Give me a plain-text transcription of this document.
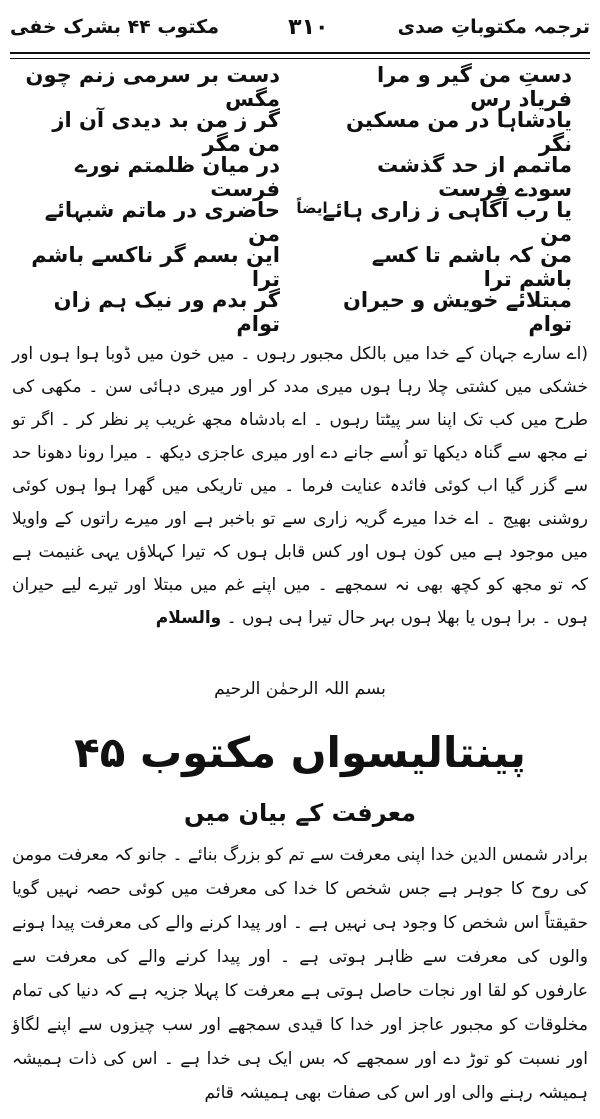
ترجمہ مکتوباتِ صدی
۳۱۰
مکتوب ۴۴ بشرک خفی
دستِ من گیر و مرا فریاد رس
دست بر سرمی زنم چون مگس
یادشاہا در من مسکین نگر
گر ز من بد دیدی آن از من مگر
ماتمم از حد گذشت سودے فرست
در میان ظلمتم نورے فرست
یا رب آگاہی ز زاری ہائے من
حاضری در ماتم شبہائے من
من کہ باشم تا کسے باشم ترا
این بسم گر ناکسے باشم ترا
مبتلائے خویش و حیران توام
گر بدم ور نیک ہم زان توام
ایضاً

(اے سارے جہان کے خدا میں بالکل مجبور رہوں ۔ میں خون میں ڈوبا ہوا ہوں اور خشکی میں کشتی چلا رہا ہوں میری مدد کر اور میری دہائی سن ۔ مکھی کی طرح میں کب تک اپنا سر پیٹتا رہوں ۔ اے بادشاہ مجھ غریب پر نظر کر ۔ اگر تو نے مجھ سے گناہ دیکھا تو اُسے جانے دے اور میری عاجزی دیکھ ۔ میرا رونا دھونا حد سے گزر گیا اب کوئی فائدہ عنایت فرما ۔ میں تاریکی میں گھرا ہوا ہوں کوئی روشنی بھیج ۔ اے خدا میرے گریہ زاری سے تو باخبر ہے اور میرے راتوں کے واویلا میں موجود ہے میں کون ہوں اور کس قابل ہوں کہ تیرا کہلاؤں یہی غنیمت ہے کہ تو مجھ کو کچھ بھی نہ سمجھے ۔ میں اپنے غم میں مبتلا اور تیرے لیے حیران ہوں ۔ برا ہوں یا بھلا ہوں بہر حال تیرا ہی ہوں ۔ والسلام

بسم اللہ الرحمٰن الرحیم
پینتالیسواں مکتوب ۴۵
معرفت کے بیان میں

برادر شمس الدین خدا اپنی معرفت سے تم کو بزرگ بنائے ۔ جانو کہ معرفت مومن کی روح کا جوہر ہے جس شخص کا خدا کی معرفت میں کوئی حصہ نہیں گویا حقیقتاً اس شخص کا وجود ہی نہیں ہے ۔ اور پیدا کرنے والے کی معرفت پیدا ہونے والوں کی معرفت سے ظاہر ہوتی ہے ۔ اور پیدا کرنے والے کی معرفت سے عارفوں کو لقا اور نجات حاصل ہوتی ہے معرفت کا پہلا جزیہ ہے کہ دنیا کی تمام مخلوقات کو مجبور عاجز اور خدا کا قیدی سمجھے اور سب چیزوں سے اپنے لگاؤ اور نسبت کو توڑ دے اور سمجھے کہ بس ایک ہی خدا ہے ۔ اس کی ذات ہمیشہ ہمیشہ رہنے والی اور اس کی صفات بھی ہمیشہ قائم
